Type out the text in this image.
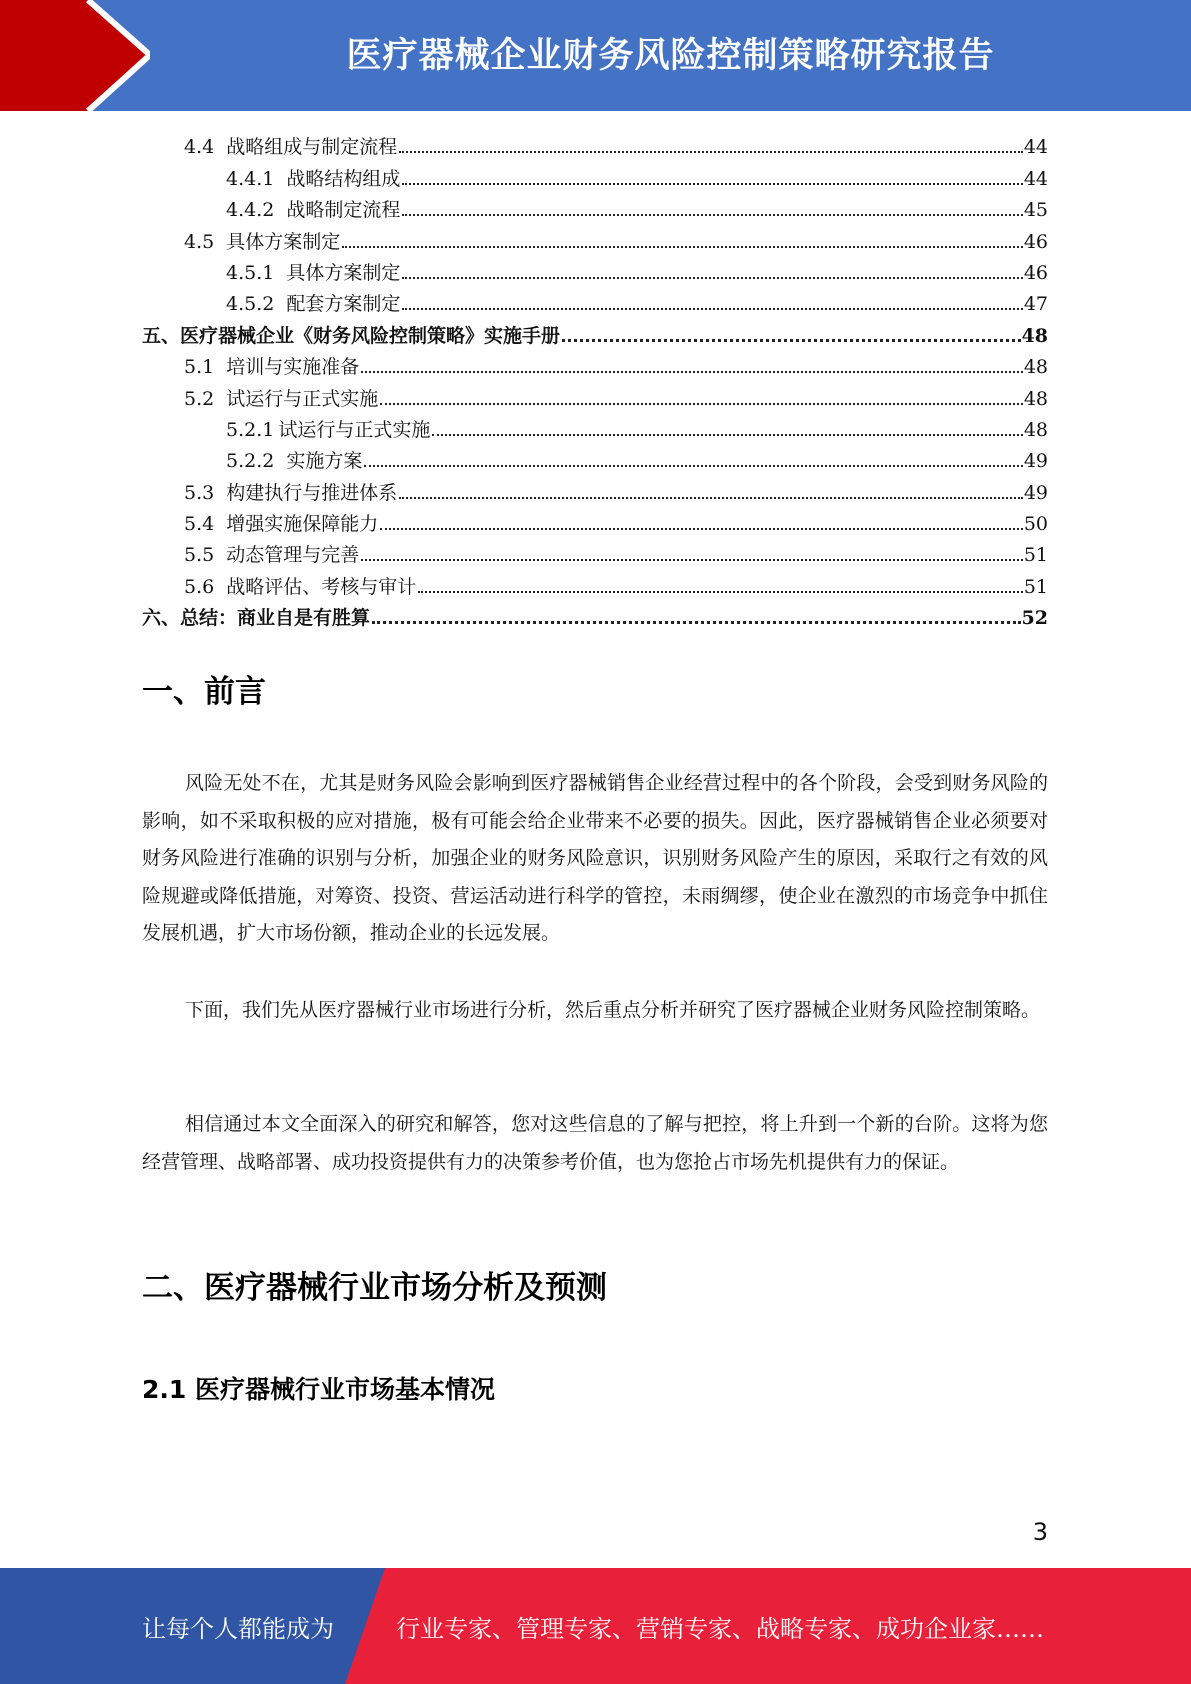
医疗器械企业财务风险控制策略研究报告
4.4 战略组成与制定流程	44
4.4.1 战略结构组成	44
4.4.2 战略制定流程	45
4.5 具体方案制定	46
4.5.1 具体方案制定	46
4.5.2 配套方案制定	47
五、医疗器械企业《财务风险控制策略》实施手册	48
5.1 培训与实施准备	48
5.2 试运行与正式实施	48
5.2.1 试运行与正式实施	48
5.2.2 实施方案	49
5.3 构建执行与推进体系	49
5.4 增强实施保障能力	50
5.5 动态管理与完善	51
5.6 战略评估、考核与审计	51
六、总结：商业自是有胜算	52
一、前言

风险无处不在，尤其是财务风险会影响到医疗器械销售企业经营过程中的各个阶段，会受到财务风险的影响，如不采取积极的应对措施，极有可能会给企业带来不必要的损失。因此，医疗器械销售企业必须要对财务风险进行准确的识别与分析，加强企业的财务风险意识，识别财务风险产生的原因，采取行之有效的风险规避或降低措施，对筹资、投资、营运活动进行科学的管控，未雨绸缪，使企业在激烈的市场竞争中抓住发展机遇，扩大市场份额，推动企业的长远发展。

下面，我们先从医疗器械行业市场进行分析，然后重点分析并研究了医疗器械企业财务风险控制策略。

相信通过本文全面深入的研究和解答，您对这些信息的了解与把控，将上升到一个新的台阶。这将为您经营管理、战略部署、成功投资提供有力的决策参考价值，也为您抢占市场先机提供有力的保证。

二、医疗器械行业市场分析及预测
2.1 医疗器械行业市场基本情况
3
让每个人都能成为	行业专家、管理专家、营销专家、战略专家、成功企业家……
